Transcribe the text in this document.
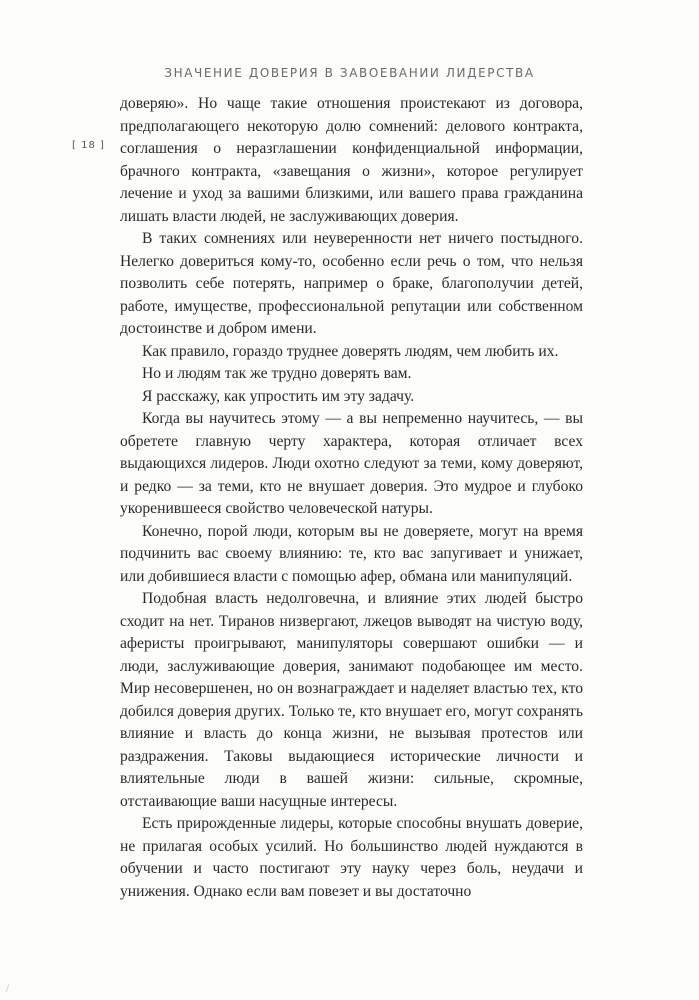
ЗНАЧЕНИЕ ДОВЕРИЯ В ЗАВОЕВАНИИ ЛИДЕРСТВА
[ 18 ]

доверяю». Но чаще такие отношения проистекают из договора, предполагающего некоторую долю сомнений: делового контракта, соглашения о неразглашении конфиденциальной информации, брачного контракта, «завещания о жизни», которое регулирует лечение и уход за вашими близкими, или вашего права гражданина лишать власти людей, не заслуживающих доверия.

В таких сомнениях или неуверенности нет ничего постыдного. Нелегко довериться кому-то, особенно если речь о том, что нельзя позволить себе потерять, например о браке, благополучии детей, работе, имуществе, профессиональной репутации или собственном достоинстве и добром имени.

Как правило, гораздо труднее доверять людям, чем любить их.

Но и людям так же трудно доверять вам.

Я расскажу, как упростить им эту задачу.

Когда вы научитесь этому — а вы непременно научитесь, — вы обретете главную черту характера, которая отличает всех выдающихся лидеров. Люди охотно следуют за теми, кому доверяют, и редко — за теми, кто не внушает доверия. Это мудрое и глубоко укоренившееся свойство человеческой натуры.

Конечно, порой люди, которым вы не доверяете, могут на время подчинить вас своему влиянию: те, кто вас запугивает и унижает, или добившиеся власти с помощью афер, обмана или манипуляций.

Подобная власть недолговечна, и влияние этих людей быстро сходит на нет. Тиранов низвергают, лжецов выводят на чистую воду, аферисты проигрывают, манипуляторы совершают ошибки — и люди, заслуживающие доверия, занимают подобающее им место. Мир несовершенен, но он вознаграждает и наделяет властью тех, кто добился доверия других. Только те, кто внушает его, могут сохранять влияние и власть до конца жизни, не вызывая протестов или раздражения. Таковы выдающиеся исторические личности и влиятельные люди в вашей жизни: сильные, скромные, отстаивающие ваши насущные интересы.

Есть прирожденные лидеры, которые способны внушать доверие, не прилагая особых усилий. Но большинство людей нуждаются в обучении и часто постигают эту науку через боль, неудачи и унижения. Однако если вам повезет и вы достаточно

/
